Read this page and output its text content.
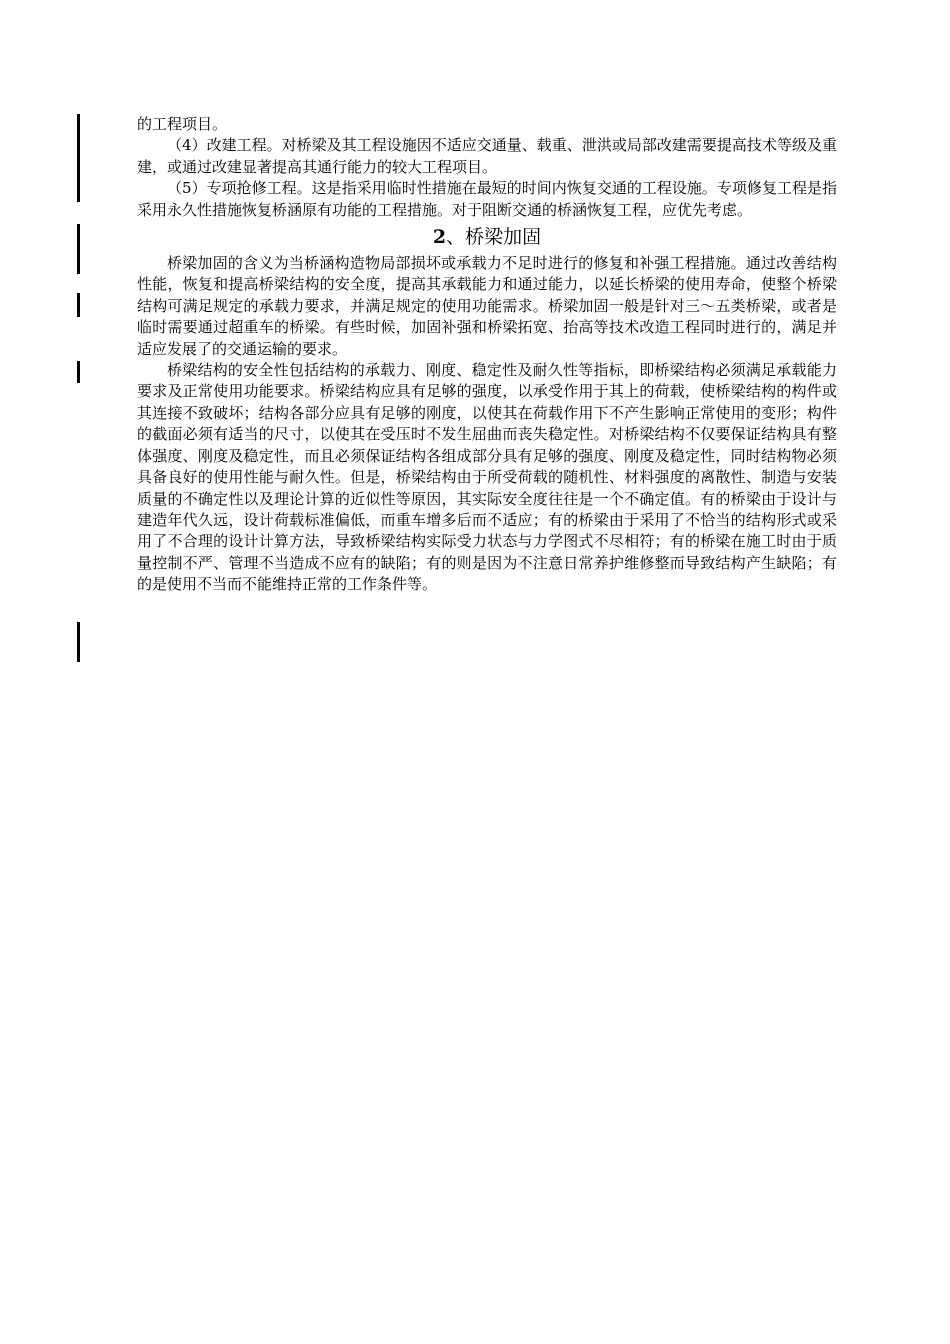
的工程项目。

（4）改建工程。对桥梁及其工程设施因不适应交通量、载重、泄洪或局部改建需要提高技术等级及重建，或通过改建显著提高其通行能力的较大工程项目。

（5）专项抢修工程。这是指采用临时性措施在最短的时间内恢复交通的工程设施。专项修复工程是指采用永久性措施恢复桥涵原有功能的工程措施。对于阻断交通的桥涵恢复工程，应优先考虑。

2、桥梁加固

桥梁加固的含义为当桥涵构造物局部损坏或承载力不足时进行的修复和补强工程措施。通过改善结构性能，恢复和提高桥梁结构的安全度，提高其承载能力和通过能力，以延长桥梁的使用寿命，使整个桥梁结构可满足规定的承载力要求，并满足规定的使用功能需求。桥梁加固一般是针对三～五类桥梁，或者是临时需要通过超重车的桥梁。有些时候，加固补强和桥梁拓宽、抬高等技术改造工程同时进行的，满足并适应发展了的交通运输的要求。

桥梁结构的安全性包括结构的承载力、刚度、稳定性及耐久性等指标，即桥梁结构必须满足承载能力要求及正常使用功能要求。桥梁结构应具有足够的强度，以承受作用于其上的荷载，使桥梁结构的构件或其连接不致破坏；结构各部分应具有足够的刚度，以使其在荷载作用下不产生影响正常使用的变形；构件的截面必须有适当的尺寸，以使其在受压时不发生屈曲而丧失稳定性。对桥梁结构不仅要保证结构具有整体强度、刚度及稳定性，而且必须保证结构各组成部分具有足够的强度、刚度及稳定性，同时结构物必须具备良好的使用性能与耐久性。但是，桥梁结构由于所受荷载的随机性、材料强度的离散性、制造与安装质量的不确定性以及理论计算的近似性等原因，其实际安全度往往是一个不确定值。有的桥梁由于设计与建造年代久远，设计荷载标准偏低，而重车增多后而不适应；有的桥梁由于采用了不恰当的结构形式或采用了不合理的设计计算方法，导致桥梁结构实际受力状态与力学图式不尽相符；有的桥梁在施工时由于质量控制不严、管理不当造成不应有的缺陷；有的则是因为不注意日常养护维修整而导致结构产生缺陷；有的是使用不当而不能维持正常的工作条件等。
